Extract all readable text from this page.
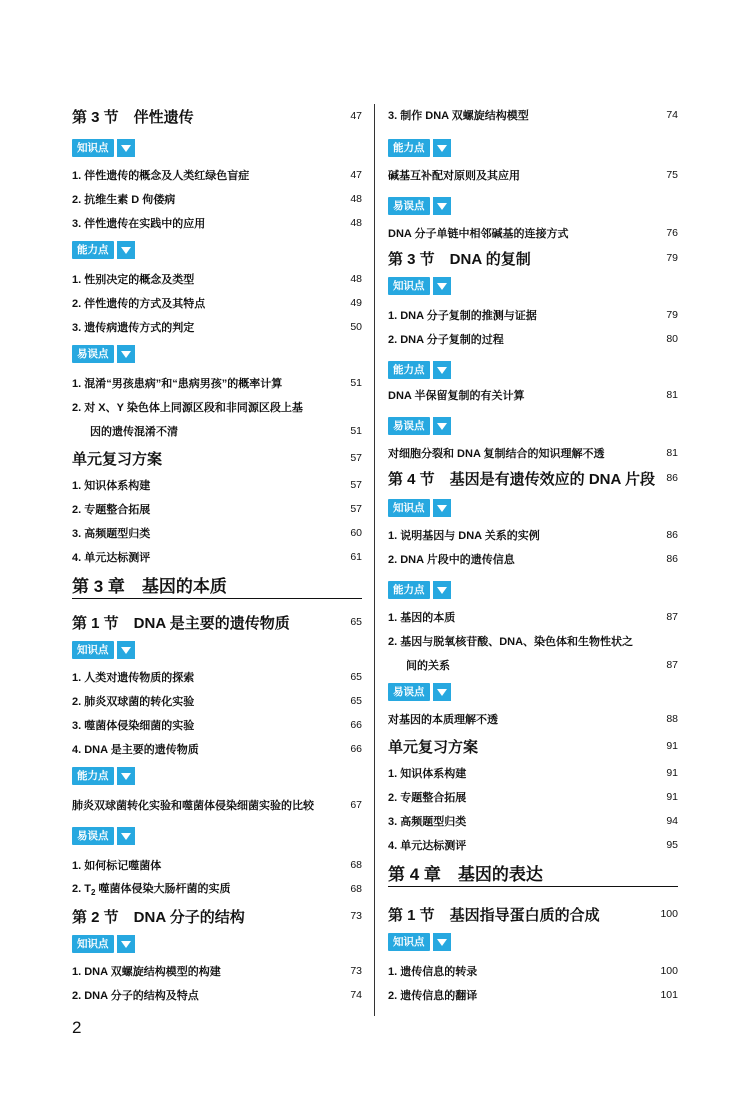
第 3 节　伴性遗传	47
知识点
1. 伴性遗传的概念及人类红绿色盲症	47
2. 抗维生素 D 佝偻病	48
3. 伴性遗传在实践中的应用	48
能力点
1. 性别决定的概念及类型	48
2. 伴性遗传的方式及其特点	49
3. 遗传病遗传方式的判定	50
易误点
1. 混淆“男孩患病”和“患病男孩”的概率计算	51
2. 对 X、Y 染色体上同源区段和非同源区段上基
因的遗传混淆不清	51
单元复习方案	57
1. 知识体系构建	57
2. 专题整合拓展	57
3. 高频题型归类	60
4. 单元达标测评	61
第 3 章　基因的本质
第 1 节　DNA 是主要的遗传物质	65
知识点
1. 人类对遗传物质的探索	65
2. 肺炎双球菌的转化实验	65
3. 噬菌体侵染细菌的实验	66
4. DNA 是主要的遗传物质	66
能力点
肺炎双球菌转化实验和噬菌体侵染细菌实验的比较	67
易误点
1. 如何标记噬菌体	68
2. $T_2$ 噬菌体侵染大肠杆菌的实质	68
第 2 节　DNA 分子的结构	73
知识点
1. DNA 双螺旋结构模型的构建	73
2. DNA 分子的结构及特点	74
3. 制作 DNA 双螺旋结构模型	74
能力点
碱基互补配对原则及其应用	75
易误点
DNA 分子单链中相邻碱基的连接方式	76
第 3 节　DNA 的复制	79
知识点
1. DNA 分子复制的推测与证据	79
2. DNA 分子复制的过程	80
能力点
DNA 半保留复制的有关计算	81
易误点
对细胞分裂和 DNA 复制结合的知识理解不透	81
第 4 节　基因是有遗传效应的 DNA 片段 86
知识点
1. 说明基因与 DNA 关系的实例	86
2. DNA 片段中的遗传信息	86
能力点
1. 基因的本质	87
2. 基因与脱氧核苷酸、DNA、染色体和生物性状之
间的关系	87
易误点
对基因的本质理解不透	88
单元复习方案	91
1. 知识体系构建	91
2. 专题整合拓展	91
3. 高频题型归类	94
4. 单元达标测评	95
第 4 章　基因的表达
第 1 节　基因指导蛋白质的合成	100
知识点
1. 遗传信息的转录	100
2. 遗传信息的翻译	101
2
